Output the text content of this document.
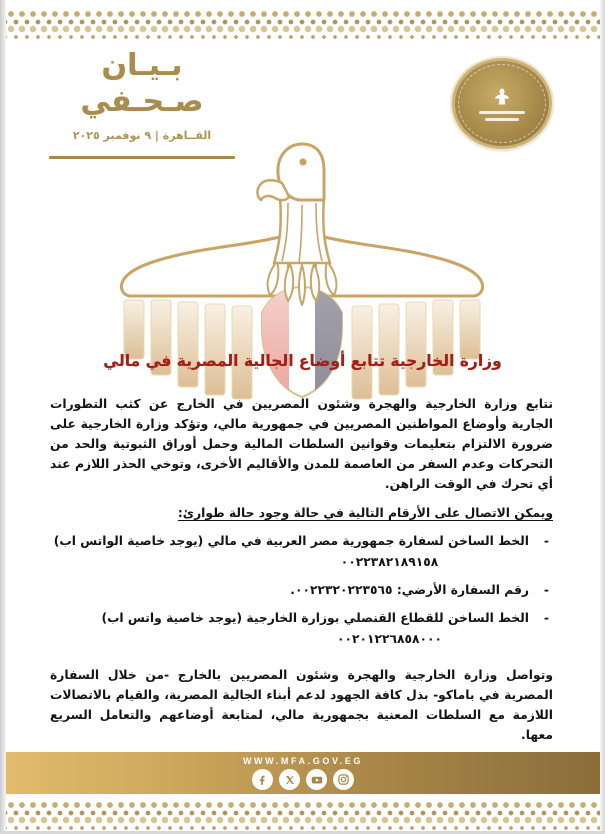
بـيـان صـحـفي
القــاهرة | ٩ نوفمبر ٢٠٢٥
وزارة الخارجية تتابع أوضاع الجالية المصرية في مالي

تتابع وزارة الخارجية والهجرة وشئون المصريين في الخارج عن كثب التطورات الجارية وأوضاع المواطنين المصريين في جمهورية مالي، وتؤكد وزارة الخارجية على ضرورة الالتزام بتعليمات وقوانين السلطات المالية وحمل أوراق الثبوتية والحد من التحركات وعدم السفر من العاصمة للمدن والأقاليم الأخرى، وتوخي الحذر اللازم عند أي تحرك في الوقت الراهن.

ويمكن الاتصال على الأرقام التالية في حالة وجود حالة طوارئ:

-
الخط الساخن لسفارة جمهورية مصر العربية في مالي (يوجد خاصية الواتس اب)
٠٠٢٢٣٨٢١٨٩١٥٨
-
رقم السفارة الأرضي: ٠٠٢٢٣٢٠٢٢٣٥٦٥.
-
الخط الساخن للقطاع القنصلي بوزارة الخارجية (يوجد خاصية واتس اب)
٠٠٢٠١٢٢٦٨٥٨٠٠٠

وتواصل وزارة الخارجية والهجرة وشئون المصريين بالخارج -من خلال السفارة المصرية في باماكو- بذل كافة الجهود لدعم أبناء الجالية المصرية، والقيام بالاتصالات اللازمة مع السلطات المعنية بجمهورية مالي، لمتابعة أوضاعهم والتعامل السريع معها.

WWW.MFA.GOV.EG
